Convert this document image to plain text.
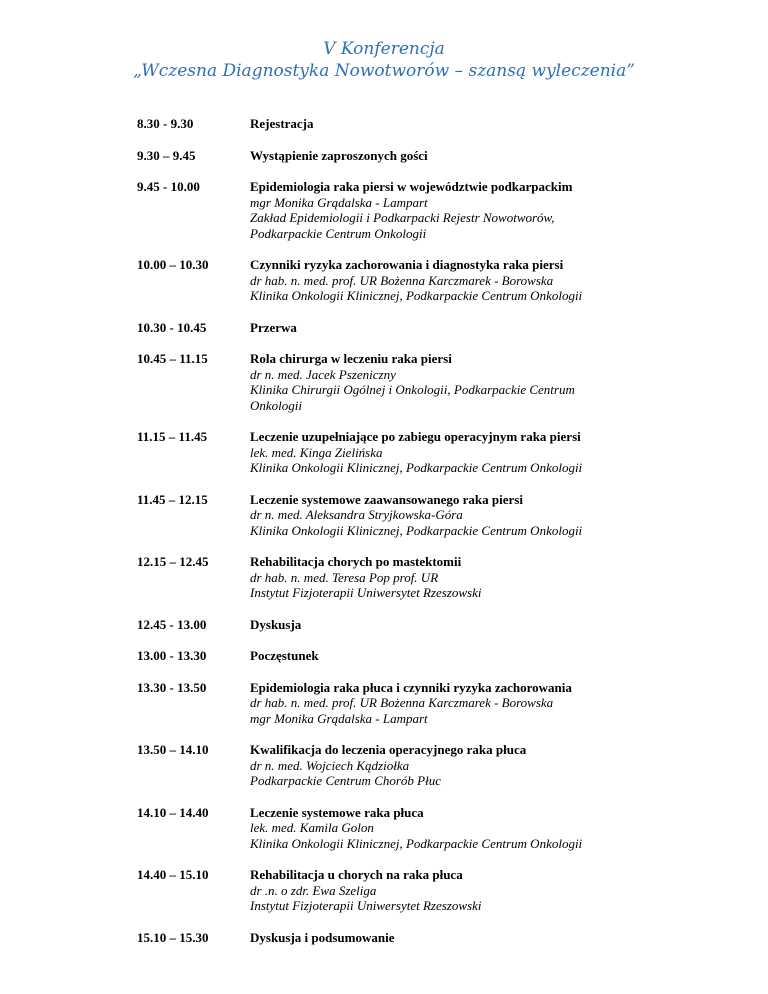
V Konferencja
„Wczesna Diagnostyka Nowotworów – szansą wyleczenia”
8.30 - 9.30	Rejestracja
9.30 – 9.45	Wystąpienie zaproszonych gości
9.45 - 10.00	Epidemiologia raka piersi w województwie podkarpackim
mgr Monika Grądalska - Lampart
Zakład Epidemiologii i Podkarpacki Rejestr Nowotworów,
Podkarpackie Centrum Onkologii
10.00 – 10.30	Czynniki ryzyka zachorowania i diagnostyka raka piersi
dr hab. n. med. prof. UR Bożenna Karczmarek - Borowska
Klinika Onkologii Klinicznej, Podkarpackie Centrum Onkologii
10.30 - 10.45	Przerwa
10.45 – 11.15	Rola chirurga w leczeniu raka piersi
dr n. med. Jacek Pszeniczny
Klinika Chirurgii Ogólnej i Onkologii, Podkarpackie Centrum
Onkologii
11.15 – 11.45	Leczenie uzupełniające po zabiegu operacyjnym raka piersi
lek. med. Kinga Zielińska
Klinika Onkologii Klinicznej, Podkarpackie Centrum Onkologii
11.45 – 12.15	Leczenie systemowe zaawansowanego raka piersi
dr n. med. Aleksandra Stryjkowska-Góra
Klinika Onkologii Klinicznej, Podkarpackie Centrum Onkologii
12.15 – 12.45	Rehabilitacja chorych po mastektomii
dr hab. n. med. Teresa Pop prof. UR
Instytut Fizjoterapii Uniwersytet Rzeszowski
12.45 - 13.00	Dyskusja
13.00 - 13.30	Poczęstunek
13.30 - 13.50	Epidemiologia raka płuca i czynniki ryzyka zachorowania
dr hab. n. med. prof. UR Bożenna Karczmarek - Borowska
mgr Monika Grądalska - Lampart
13.50 – 14.10	Kwalifikacja do leczenia operacyjnego raka płuca
dr n. med. Wojciech Kądziołka
Podkarpackie Centrum Chorób Płuc
14.10 – 14.40	Leczenie systemowe raka płuca
lek. med. Kamila Golon
Klinika Onkologii Klinicznej, Podkarpackie Centrum Onkologii
14.40 – 15.10	Rehabilitacja u chorych na raka płuca
dr .n. o zdr. Ewa Szeliga
Instytut Fizjoterapii Uniwersytet Rzeszowski
15.10 – 15.30	Dyskusja i podsumowanie
